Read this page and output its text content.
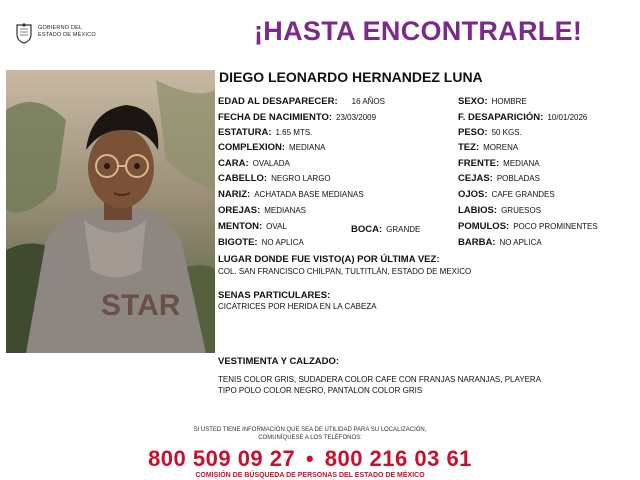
GOBIERNO DEL
ESTADO DE MÉXICO	¡HASTA ENCONTRARLE!
STAR
DIEGO LEONARDO HERNANDEZ LUNA
EDAD AL DESAPARECER: 16 AÑOS
FECHA DE NACIMIENTO: 23/03/2009
ESTATURA: 1.65 MTS.
COMPLEXION: MEDIANA
CARA: OVALADA
CABELLO: NEGRO LARGO
NARIZ: ACHATADA BASE MEDIANAS
OREJAS: MEDIANAS
MENTON: OVAL	BOCA: GRANDE
BIGOTE: NO APLICA
SEXO: HOMBRE
F. DESAPARICIÓN: 10/01/2026
PESO: 50 KGS.
TEZ: MORENA
FRENTE: MEDIANA
CEJAS: POBLADAS
OJOS: CAFE GRANDES
LABIOS: GRUESOS
POMULOS: POCO PROMINENTES
BARBA: NO APLICA
LUGAR DONDE FUE VISTO(A) POR ÚLTIMA VEZ:
COL. SAN FRANCISCO CHILPAN, TULTITLÁN, ESTADO DE MEXICO
SENAS PARTICULARES:
CICATRICES POR HERIDA EN LA CABEZA
VESTIMENTA Y CALZADO:
TENIS COLOR GRIS, SUDADERA COLOR CAFE CON FRANJAS NARANJAS, PLAYERA
TIPO POLO COLOR NEGRO, PANTALON COLOR GRIS
SI USTED TIENE INFORMACIÓN QUE SEA DE UTILIDAD PARA SU LOCALIZACIÓN,
COMUNÍQUESE A LOS TELÉFONOS:
800 509 09 27 • 800 216 03 61
COMISIÓN DE BÚSQUEDA DE PERSONAS DEL ESTADO DE MÉXICO
